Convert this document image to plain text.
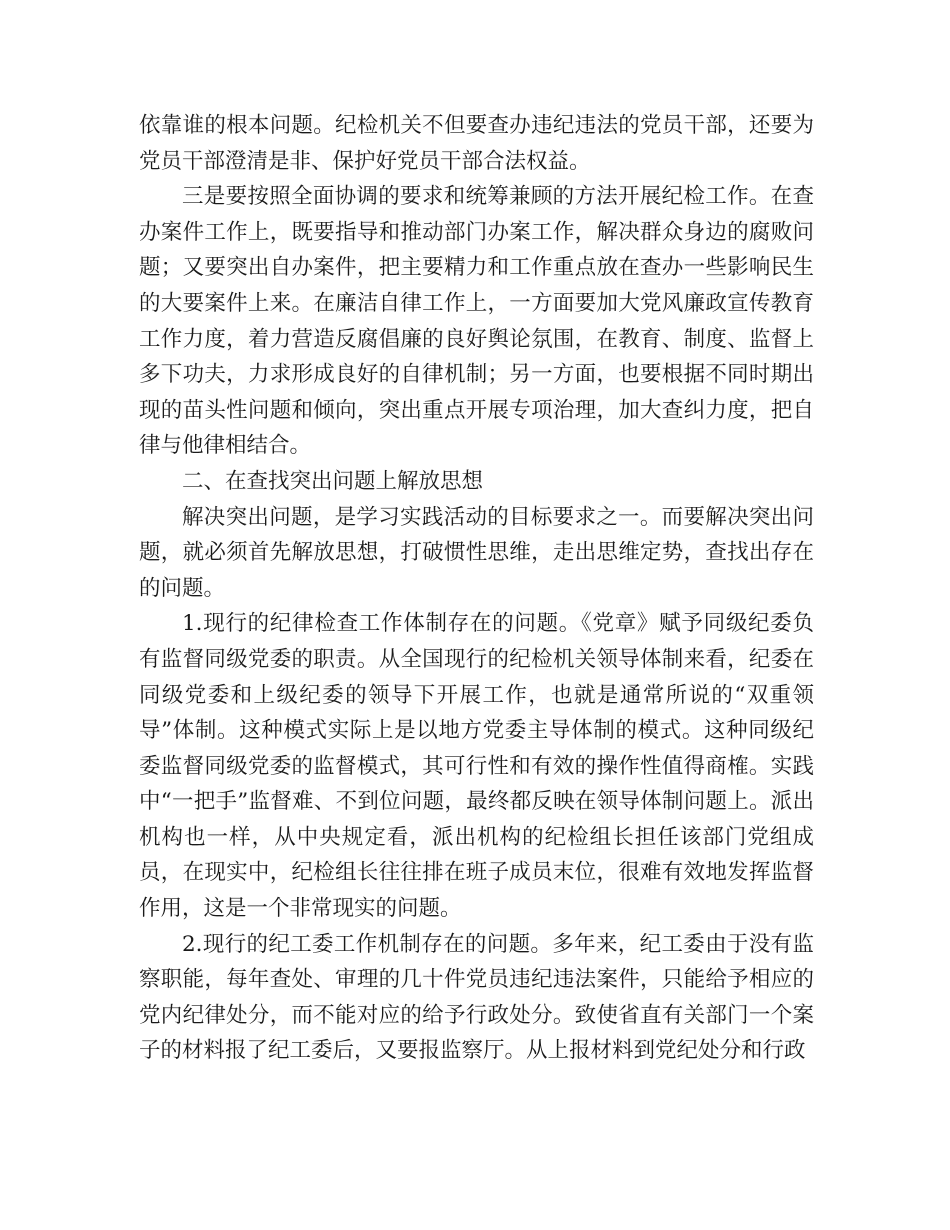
依靠谁的根本问题。纪检机关不但要查办违纪违法的党员干部，还要为党员干部澄清是非、保护好党员干部合法权益。

三是要按照全面协调的要求和统筹兼顾的方法开展纪检工作。在查办案件工作上，既要指导和推动部门办案工作，解决群众身边的腐败问题；又要突出自办案件，把主要精力和工作重点放在查办一些影响民生的大要案件上来。在廉洁自律工作上，一方面要加大党风廉政宣传教育工作力度，着力营造反腐倡廉的良好舆论氛围，在教育、制度、监督上多下功夫，力求形成良好的自律机制；另一方面，也要根据不同时期出现的苗头性问题和倾向，突出重点开展专项治理，加大查纠力度，把自律与他律相结合。

二、在查找突出问题上解放思想

解决突出问题，是学习实践活动的目标要求之一。而要解决突出问题，就必须首先解放思想，打破惯性思维，走出思维定势，查找出存在的问题。

1.现行的纪律检查工作体制存在的问题。《党章》赋予同级纪委负有监督同级党委的职责。从全国现行的纪检机关领导体制来看，纪委在同级党委和上级纪委的领导下开展工作，也就是通常所说的“双重领导”体制。这种模式实际上是以地方党委主导体制的模式。这种同级纪委监督同级党委的监督模式，其可行性和有效的操作性值得商榷。实践中“一把手”监督难、不到位问题，最终都反映在领导体制问题上。派出机构也一样，从中央规定看，派出机构的纪检组长担任该部门党组成员，在现实中，纪检组长往往排在班子成员末位，很难有效地发挥监督作用，这是一个非常现实的问题。

2.现行的纪工委工作机制存在的问题。多年来，纪工委由于没有监察职能，每年查处、审理的几十件党员违纪违法案件，只能给予相应的党内纪律处分，而不能对应的给予行政处分。致使省直有关部门一个案子的材料报了纪工委后，又要报监察厅。从上报材料到党纪处分和行政
